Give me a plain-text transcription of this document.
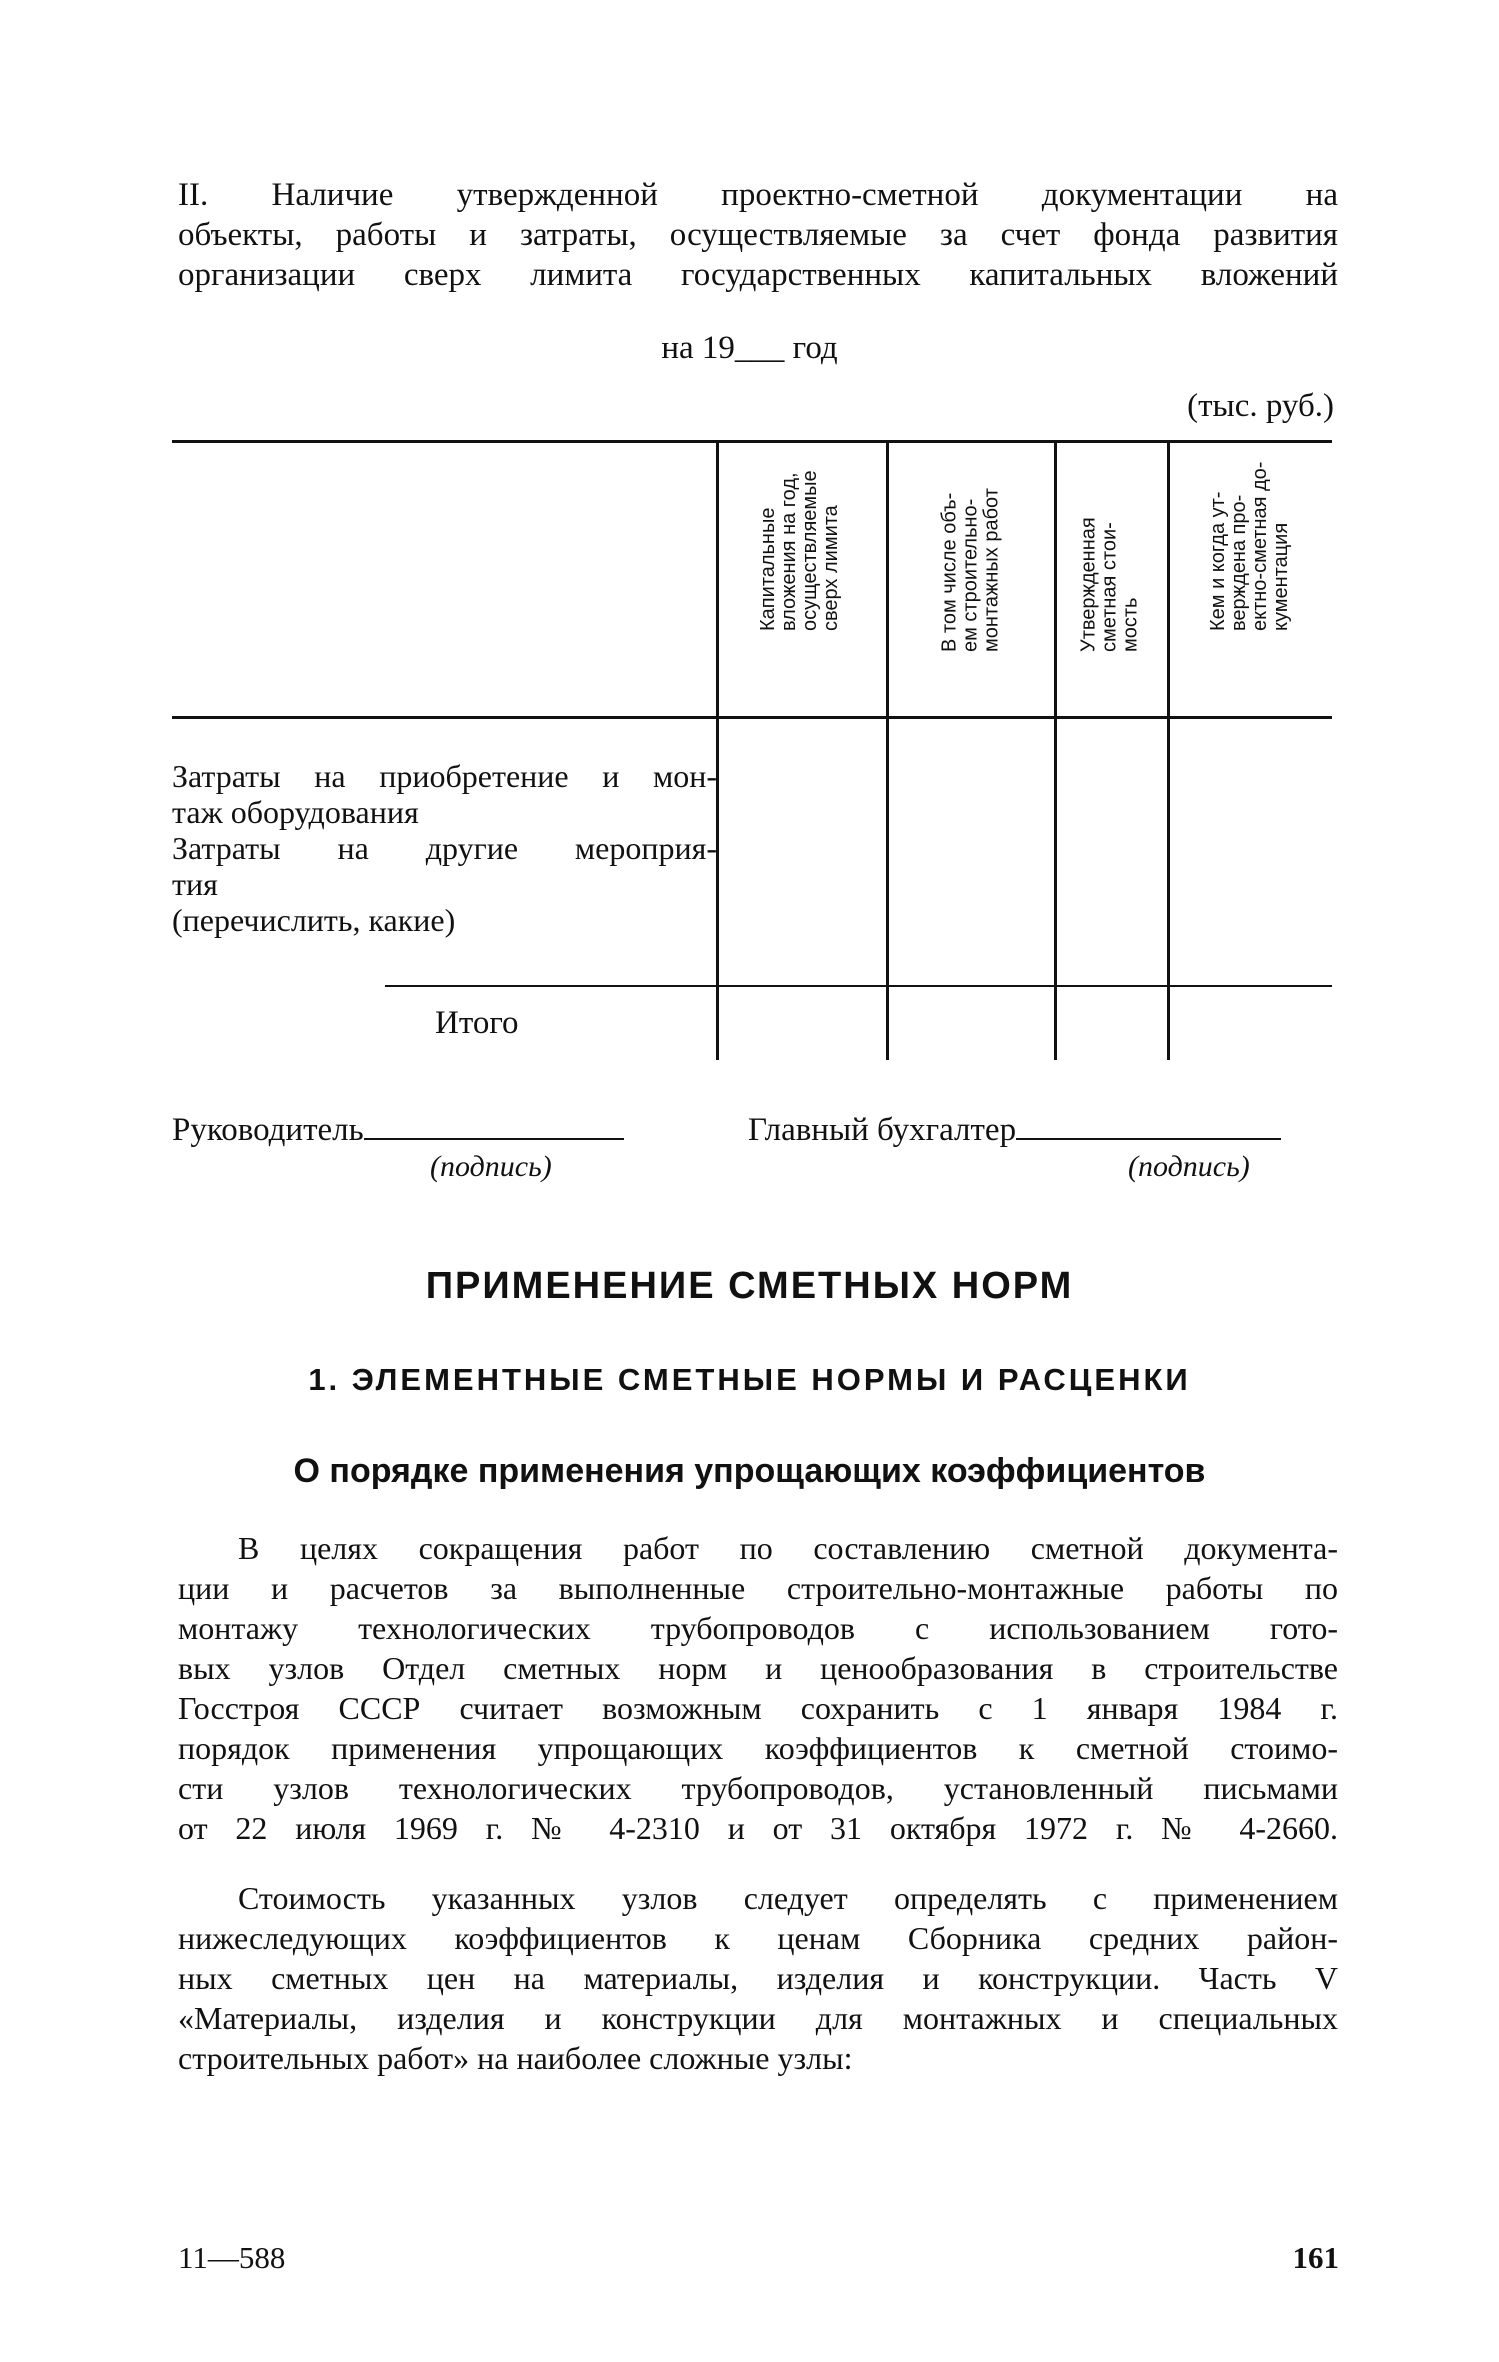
II. Наличие утвержденной проектно-сметной документации на
объекты, работы и затраты, осуществляемые за счет фонда развития
организации сверх лимита государственных капитальных вложений
на 19___ год
(тыс. руб.)
Капитальные
вложения на год,
осуществляемые
сверх лимита
В том числе объ-
ем строительно-
монтажных работ
Утвержденная
сметная стои-
мость	Кем и когда ут-
верждена про-
ектно-сметная до-
кументация
Затраты на приобретение и мон-
таж оборудования
Затраты на другие мероприя-
тия
(перечислить, какие)
Итого
Руководитель
(подпись)
Главный бухгалтер
(подпись)
ПРИМЕНЕНИЕ СМЕТНЫХ НОРМ
1. ЭЛЕМЕНТНЫЕ СМЕТНЫЕ НОРМЫ И РАСЦЕНКИ
О порядке применения упрощающих коэффициентов
В целях сокращения работ по составлению сметной документа-
ции и расчетов за выполненные строительно-монтажные работы по
монтажу технологических трубопроводов с использованием гото-
вых узлов Отдел сметных норм и ценообразования в строительстве
Госстроя СССР считает возможным сохранить с 1 января 1984 г.
порядок применения упрощающих коэффициентов к сметной стоимо-
сти узлов технологических трубопроводов, установленный письмами
от 22 июля 1969 г. № 4-2310 и от 31 октября 1972 г. № 4-2660.
Стоимость указанных узлов следует определять с применением
нижеследующих коэффициентов к ценам Сборника средних район-
ных сметных цен на материалы, изделия и конструкции. Часть V
«Материалы, изделия и конструкции для монтажных и специальных
строительных работ» на наиболее сложные узлы:
11—588	161
